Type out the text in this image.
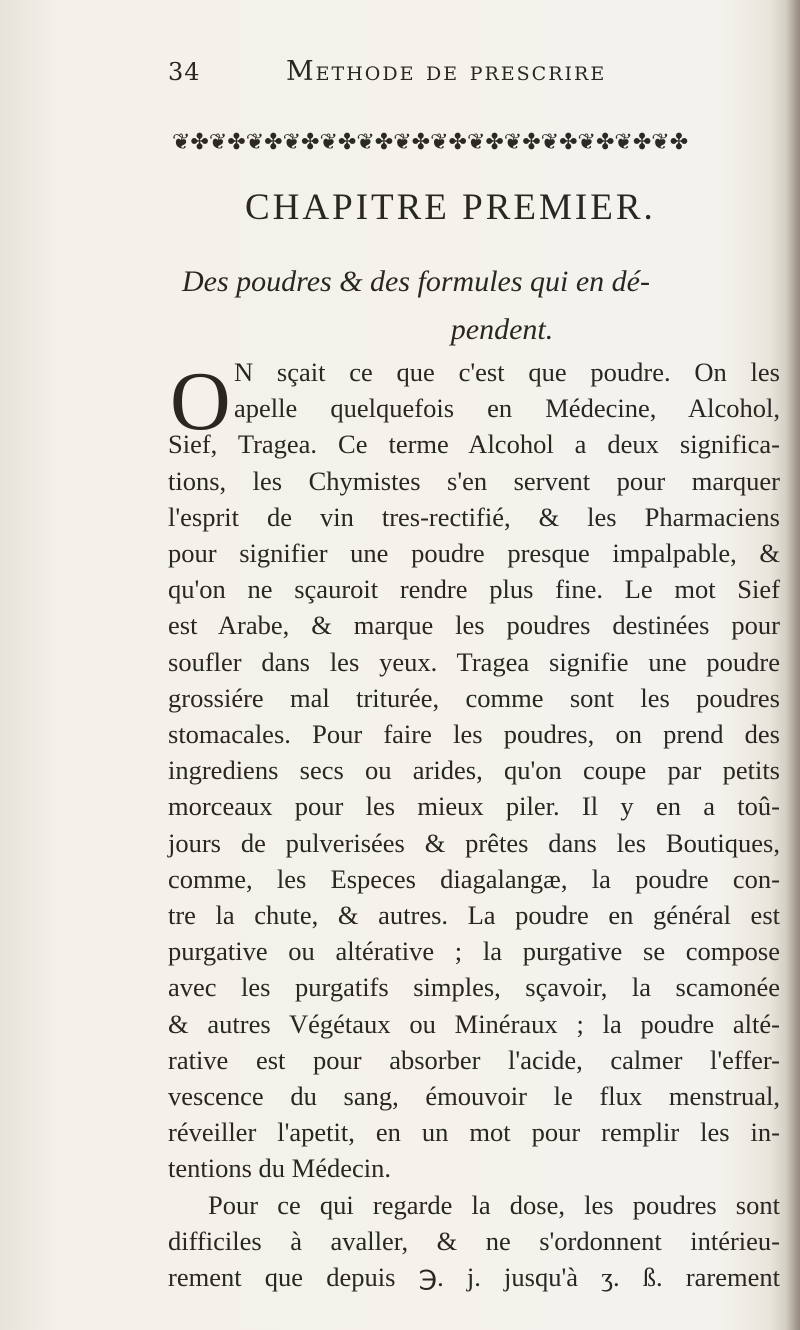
34	Methode de prescrire
❦✤❦✤❦✤❦✤❦✤❦✤❦✤❦✤❦✤❦✤❦✤❦✤❦✤❦✤
CHAPITRE PREMIER.
Des poudres & des formules qui en dé-
pendent.
O N sçait ce que c'est que poudre. On les
apelle quelquefois en Médecine, Alcohol,
Sief, Tragea. Ce terme Alcohol a deux significa-
tions, les Chymistes s'en servent pour marquer
l'esprit de vin tres-rectifié, & les Pharmaciens
pour signifier une poudre presque impalpable, &
qu'on ne sçauroit rendre plus fine. Le mot Sief
est Arabe, & marque les poudres destinées pour
soufler dans les yeux. Tragea signifie une poudre
grossiére mal triturée, comme sont les poudres
stomacales. Pour faire les poudres, on prend des
ingrediens secs ou arides, qu'on coupe par petits
morceaux pour les mieux piler. Il y en a toû-
jours de pulverisées & prêtes dans les Boutiques,
comme, les Especes diagalangæ, la poudre con-
tre la chute, & autres. La poudre en général est
purgative ou altérative ; la purgative se compose
avec les purgatifs simples, sçavoir, la scamonée
& autres Végétaux ou Minéraux ; la poudre alté-
rative est pour absorber l'acide, calmer l'effer-
vescence du sang, émouvoir le flux menstrual,
réveiller l'apetit, en un mot pour remplir les in-
tentions du Médecin.
Pour ce qui regarde la dose, les poudres sont
difficiles à avaller, & ne s'ordonnent intérieu-
rement que depuis ℈. j. jusqu'à ʒ. ß. rarement
